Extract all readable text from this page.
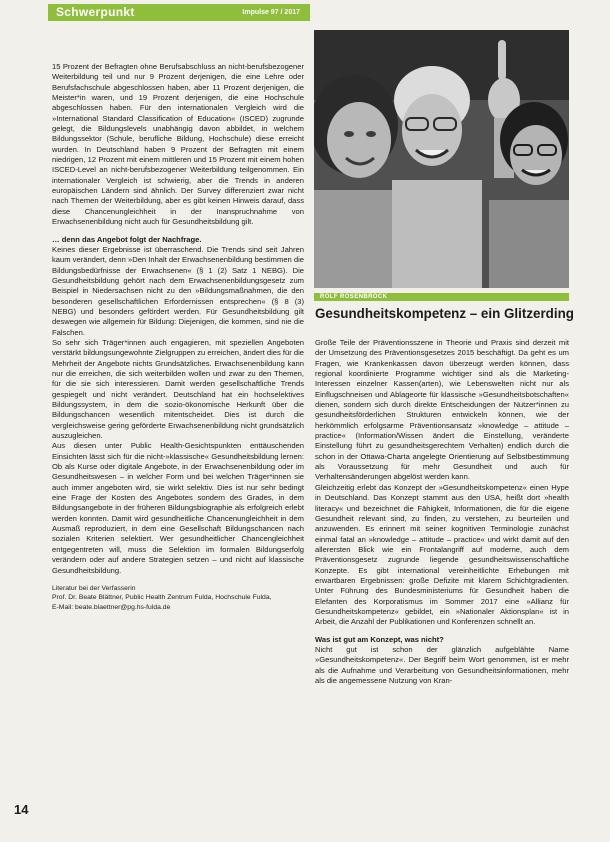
Schwerpunkt	Impulse 97 / 2017

15 Prozent der Befragten ohne Berufsabschluss an nicht-berufsbezogener Weiterbildung teil und nur 9 Prozent derjenigen, die eine Lehre oder Berufsfachschule abgeschlossen haben, aber 11 Prozent derjenigen, die Meister*in waren, und 19 Prozent derjenigen, die eine Hochschule abgeschlossen haben. Für den internationalen Vergleich wird die »International Standard Classification of Education« (ISCED) zugrunde gelegt, die Bildungslevels unabhängig davon abbildet, in welchem Bildungssektor (Schule, berufliche Bildung, Hochschule) diese erreicht wurden. In Deutschland haben 9 Prozent der Befragten mit einem niedrigen, 12 Prozent mit einem mittleren und 15 Prozent mit einem hohen ISCED-Level an nicht-berufsbezogener Weiterbildung teilgenommen. Ein internationaler Vergleich ist schwierig, aber die Trends in anderen europäischen Ländern sind ähnlich. Der Survey differenziert zwar nicht nach Themen der Weiterbildung, aber es gibt keinen Hinweis darauf, dass diese Chancenungleichheit in der Inanspruchnahme von Erwachsenenbildung nicht auch für Gesundheitsbildung gilt.

… denn das Angebot folgt der Nachfrage.

Keines dieser Ergebnisse ist überraschend. Die Trends sind seit Jahren kaum verändert, denn »Den Inhalt der Erwachsenenbildung bestimmen die Bildungsbedürfnisse der Erwachsenen« (§ 1 (2) Satz 1 NEBG). Die Gesundheitsbildung gehört nach dem Erwachsenenbildungsgesetz zum Beispiel in Niedersachsen nicht zu den »Bildungsmaßnahmen, die den besonderen gesellschaftlichen Erfordernissen entsprechen« (§ 8 (3) NEBG) und besonders gefördert werden. Für Gesundheitsbildung gilt deswegen wie allgemein für Bildung: Diejenigen, die kommen, sind nie die Falschen.

So sehr sich Träger*innen auch engagieren, mit speziellen Angeboten verstärkt bildungsungewohnte Zielgruppen zu erreichen, ändert dies für die Mehrheit der Angebote nichts Grundsätzliches. Erwachsenenbildung kann nur die erreichen, die sich weiterbilden wollen und zwar zu den Themen, für die sie sich interessieren. Damit werden gesellschaftliche Trends gespiegelt und nicht verändert. Deutschland hat ein hochselektives Bildungssystem, in dem die sozio-ökonomische Herkunft über die Bildungschancen wesentlich mitentscheidet. Dies ist durch die vergleichsweise gering geförderte Erwachsenenbildung nicht grundsätzlich auszugleichen.

Aus diesen unter Public Health-Gesichtspunkten enttäuschenden Einsichten lässt sich für die nicht-»klassische« Gesundheitsbildung lernen: Ob als Kurse oder digitale Angebote, in der Erwachsenenbildung oder im Gesundheitswesen – in welcher Form und bei welchen Träger*innen sie auch immer angeboten wird, sie wirkt selektiv. Dies ist nur sehr bedingt eine Frage der Kosten des Angebotes sondern des Grades, in dem Bildungsangebote in der früheren Bildungsbiographie als erfolgreich erlebt werden konnten. Damit wird gesundheitliche Chancenungleichheit in dem Ausmaß reproduziert, in dem eine Gesellschaft Bildungschancen nach sozialen Kriterien selektiert. Wer gesundheitlicher Chancengleichheit entgegentreten will, muss die Selektion im formalen Bildungserfolg verändern oder auf andere Strategien setzen – und nicht auf klassische Gesundheitsbildung.

Literatur bei der Verfasserin
Prof. Dr. Beate Blättner, Public Health Zentrum Fulda, Hochschule Fulda,
E-Mail: beate.blaettner@pg.hs-fulda.de

ROLF ROSENBROCK
Gesundheitskompetenz – ein Glitzerding

Große Teile der Präventionsszene in Theorie und Praxis sind derzeit mit der Umsetzung des Präventionsgesetzes 2015 beschäftigt. Da geht es um Fragen, wie Krankenkassen davon überzeugt werden können, dass regional koordinierte Programme wichtiger sind als die Marketing-Interessen einzelner Kassen(arten), wie Lebenswelten nicht nur als Einflugschneisen und Ablageorte für klassische »Gesundheitsbotschaften« dienen, sondern sich durch direkte Entscheidungen der Nutzer*innen zu gesundheitsförderlichen Strukturen entwickeln können, wie der herkömmlich erfolgsarme Präventionsansatz »knowledge – attitude – practice« (Information/Wissen ändert die Einstellung, veränderte Einstellung führt zu gesundheitsgerechtem Verhalten) endlich durch die schon in der Ottawa-Charta angelegte Orientierung auf Selbstbestimmung als Voraussetzung für mehr Gesundheit und auch für Verhaltensänderungen abgelöst werden kann.

Gleichzeitig erlebt das Konzept der »Gesundheitskompetenz« einen Hype in Deutschland. Das Konzept stammt aus den USA, heißt dort »health literacy« und bezeichnet die Fähigkeit, Informationen, die für die eigene Gesundheit relevant sind, zu finden, zu verstehen, zu beurteilen und anzuwenden. Es erinnert mit seiner kognitiven Terminologie zunächst einmal fatal an »knowledge – attitude – practice« und wirkt damit auf den allerersten Blick wie ein Frontalangriff auf moderne, auch dem Präventionsgesetz zugrunde liegende gesundheitswissenschaftliche Konzepte. Es gibt international vereinheitlichte Erhebungen mit erwartbaren Ergebnissen: große Defizite mit klarem Schichtgradienten. Unter Führung des Bundesministeriums für Gesundheit haben die Elefanten des Korporatismus im Sommer 2017 eine »Allianz für Gesundheitskompetenz« gebildet, ein »Nationaler Aktionsplan« ist in Arbeit, die Anzahl der Publikationen und Konferenzen schnellt an.

Was ist gut am Konzept, was nicht?

Nicht gut ist schon der glänzlich aufgeblähte Name »Gesundheitskompetenz«. Der Begriff beim Wort genommen, ist er mehr als die Aufnahme und Verarbeitung von Gesundheitsinformationen, mehr als die angemessene Nutzung von Kran-

14
